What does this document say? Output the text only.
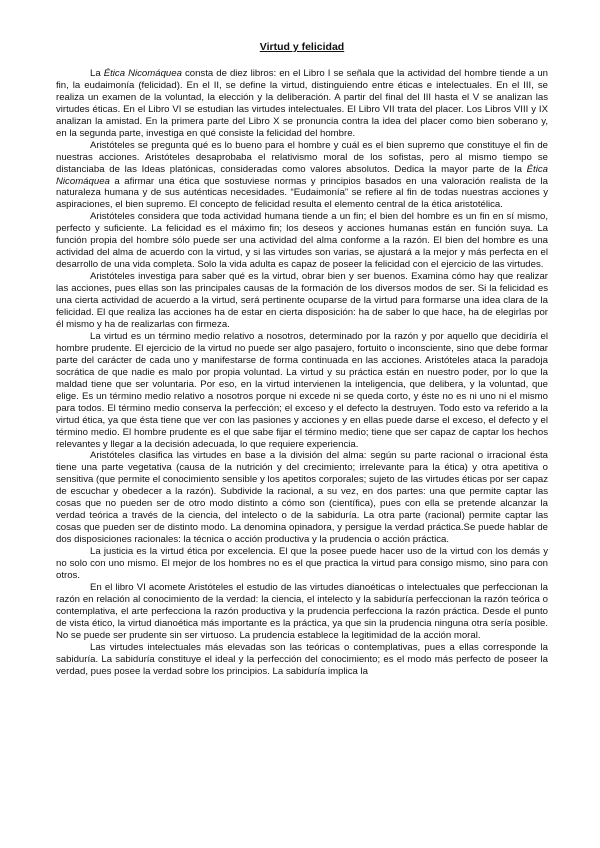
Virtud y felicidad

La Ética Nicomáquea consta de diez libros: en el Libro I se señala que la actividad del hombre tiende a un fin, la eudaimonía (felicidad). En el II, se define la virtud, distinguiendo entre éticas e intelectuales. En el III, se realiza un examen de la voluntad, la elección y la deliberación. A partir del final del III hasta el V se analizan las virtudes éticas. En el Libro VI se estudian las virtudes intelectuales. El Libro VII trata del placer. Los Libros VIII y IX analizan la amistad. En la primera parte del Libro X se pronuncia contra la idea del placer como bien soberano y, en la segunda parte, investiga en qué consiste la felicidad del hombre.

Aristóteles se pregunta qué es lo bueno para el hombre y cuál es el bien supremo que constituye el fin de nuestras acciones. Aristóteles desaprobaba el relativismo moral de los sofistas, pero al mismo tiempo se distanciaba de las Ideas platónicas, consideradas como valores absolutos. Dedica la mayor parte de la Ética Nicomáquea a afirmar una ética que sostuviese normas y principios basados en una valoración realista de la naturaleza humana y de sus auténticas necesidades. “Eudaimonía” se refiere al fin de todas nuestras acciones y aspiraciones, el bien supremo. El concepto de felicidad resulta el elemento central de la ética aristotélica.

Aristóteles considera que toda actividad humana tiende a un fin; el bien del hombre es un fin en sí mismo, perfecto y suficiente. La felicidad es el máximo fin; los deseos y acciones humanas están en función suya. La función propia del hombre sólo puede ser una actividad del alma conforme a la razón. El bien del hombre es una actividad del alma de acuerdo con la virtud, y si las virtudes son varias, se ajustará a la mejor y más perfecta en el desarrollo de una vida completa. Solo la vida adulta es capaz de poseer la felicidad con el ejercicio de las virtudes.

Aristóteles investiga para saber qué es la virtud, obrar bien y ser buenos. Examina cómo hay que realizar las acciones, pues ellas son las principales causas de la formación de los diversos modos de ser. Si la felicidad es una cierta actividad de acuerdo a la virtud, será pertinente ocuparse de la virtud para formarse una idea clara de la felicidad. El que realiza las acciones ha de estar en cierta disposición: ha de saber lo que hace, ha de elegirlas por él mismo y ha de realizarlas con firmeza.

La virtud es un término medio relativo a nosotros, determinado por la razón y por aquello que decidiría el hombre prudente. El ejercicio de la virtud no puede ser algo pasajero, fortuito o inconsciente, sino que debe formar parte del carácter de cada uno y manifestarse de forma continuada en las acciones. Aristóteles ataca la paradoja socrática de que nadie es malo por propia voluntad. La virtud y su práctica están en nuestro poder, por lo que la maldad tiene que ser voluntaria. Por eso, en la virtud intervienen la inteligencia, que delibera, y la voluntad, que elige. Es un término medio relativo a nosotros porque ni excede ni se queda corto, y éste no es ni uno ni el mismo para todos. El término medio conserva la perfección; el exceso y el defecto la destruyen. Todo esto va referido a la virtud ética, ya que ésta tiene que ver con las pasiones y acciones y en ellas puede darse el exceso, el defecto y el término medio. El hombre prudente es el que sabe fijar el término medio; tiene que ser capaz de captar los hechos relevantes y llegar a la decisión adecuada, lo que requiere experiencia.

Aristóteles clasifica las virtudes en base a la división del alma: según su parte racional o irracional ésta tiene una parte vegetativa (causa de la nutrición y del crecimiento; irrelevante para la ética) y otra apetitiva o sensitiva (que permite el conocimiento sensible y los apetitos corporales; sujeto de las virtudes éticas por ser capaz de escuchar y obedecer a la razón). Subdivide la racional, a su vez, en dos partes: una que permite captar las cosas que no pueden ser de otro modo distinto a cómo son (científica), pues con ella se pretende alcanzar la verdad teórica a través de la ciencia, del intelecto o de la sabiduría. La otra parte (racional) permite captar las cosas que pueden ser de distinto modo. La denomina opinadora, y persigue la verdad práctica.Se puede hablar de dos disposiciones racionales: la técnica o acción productiva y la prudencia o acción práctica.

La justicia es la virtud ética por excelencia. El que la posee puede hacer uso de la virtud con los demás y no solo con uno mismo. El mejor de los hombres no es el que practica la virtud para consigo mismo, sino para con otros.

En el libro VI acomete Aristóteles el estudio de las virtudes dianoéticas o intelectuales que perfeccionan la razón en relación al conocimiento de la verdad: la ciencia, el intelecto y la sabiduría perfeccionan la razón teórica o contemplativa, el arte perfecciona la razón productiva y la prudencia perfecciona la razón práctica. Desde el punto de vista ético, la virtud dianoética más importante es la práctica, ya que sin la prudencia ninguna otra sería posible. No se puede ser prudente sin ser virtuoso. La prudencia establece la legitimidad de la acción moral.

Las virtudes intelectuales más elevadas son las teóricas o contemplativas, pues a ellas corresponde la sabiduría. La sabiduría constituye el ideal y la perfección del conocimiento; es el modo más perfecto de poseer la verdad, pues posee la verdad sobre los principios. La sabiduría implica la
